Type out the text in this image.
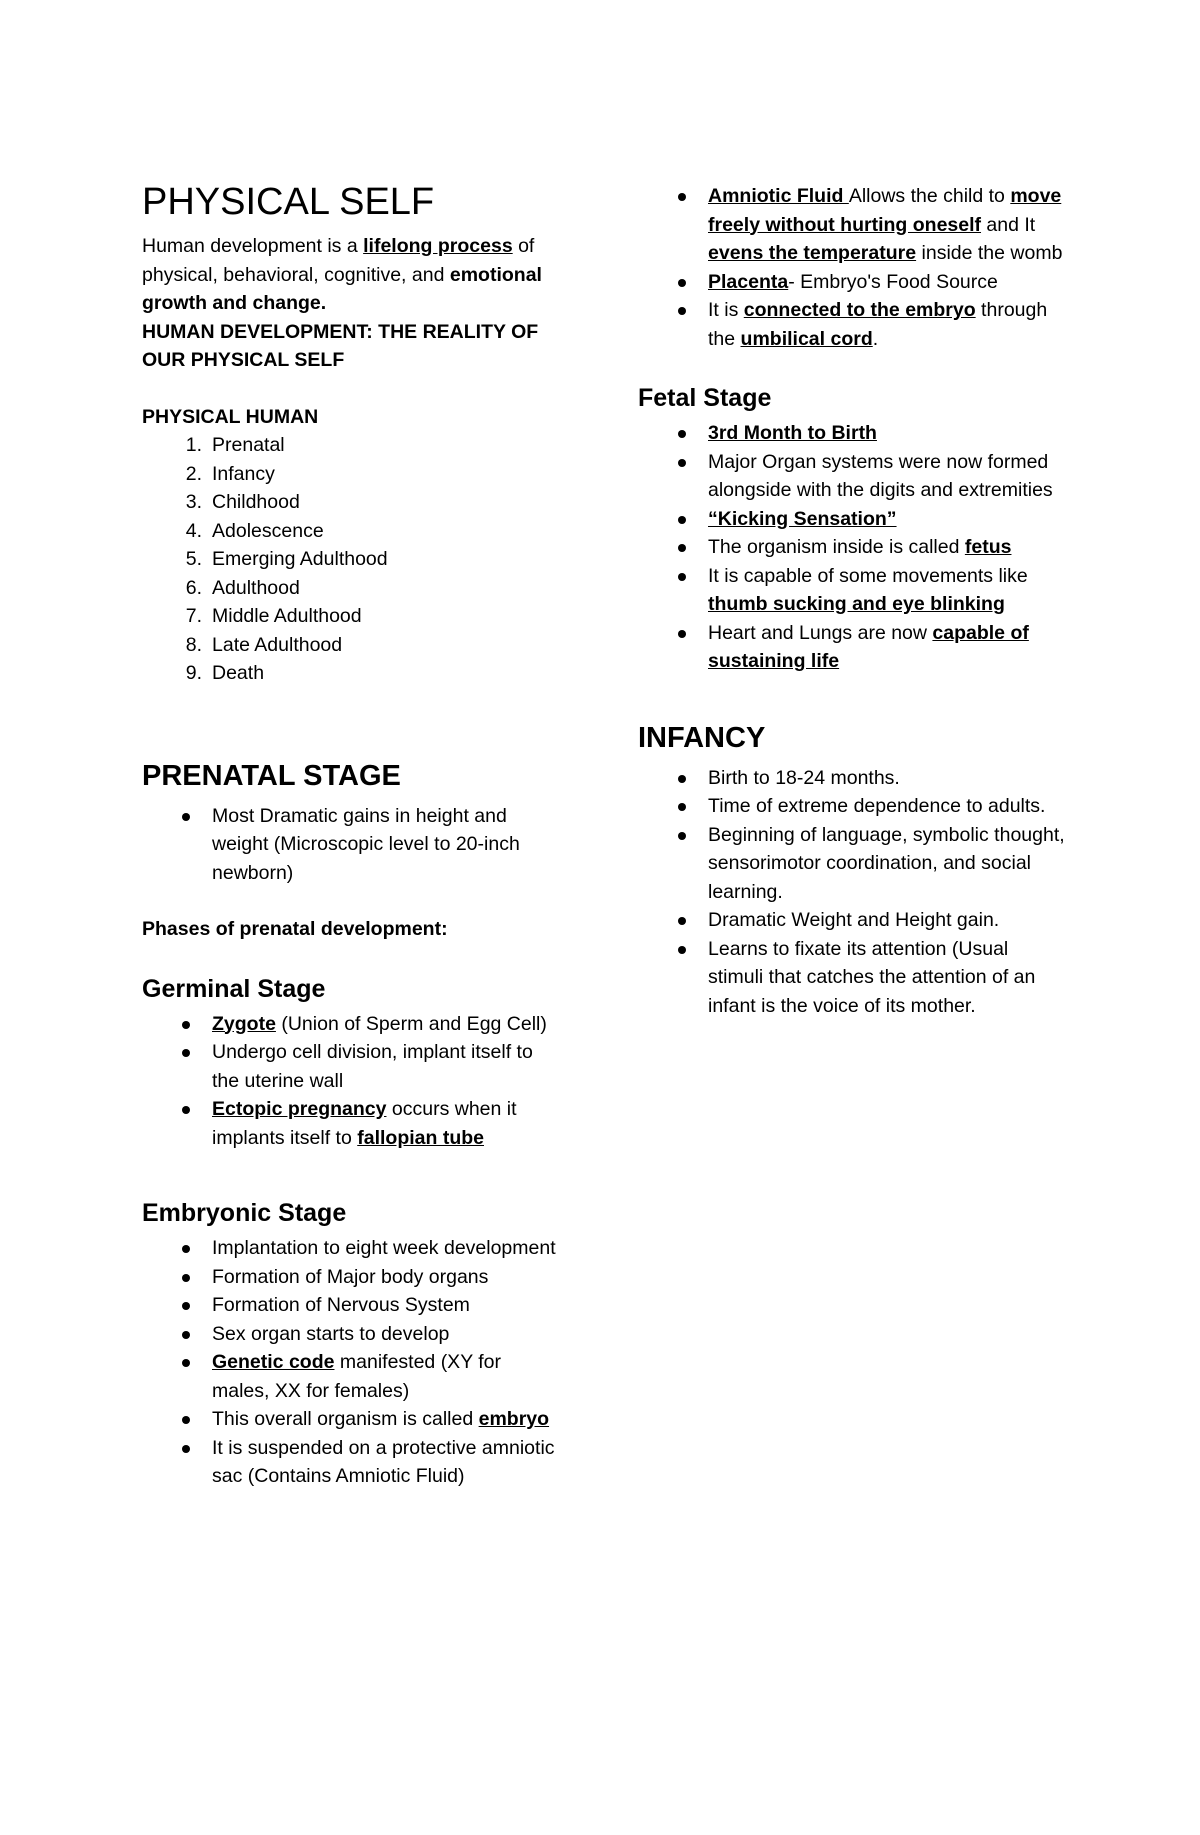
PHYSICAL SELF

Human development is a lifelong process of physical, behavioral, cognitive, and emotional growth and change.

HUMAN DEVELOPMENT: THE REALITY OF OUR PHYSICAL SELF

PHYSICAL HUMAN

1. Prenatal
2. Infancy
3. Childhood
4. Adolescence
5. Emerging Adulthood
6. Adulthood
7. Middle Adulthood
8. Late Adulthood
9. Death
PRENATAL STAGE
Most Dramatic gains in height and weight (Microscopic level to 20-inch newborn)

Phases of prenatal development:

Germinal Stage
Zygote (Union of Sperm and Egg Cell)
Undergo cell division, implant itself to the uterine wall
Ectopic pregnancy occurs when it implants itself to fallopian tube
Embryonic Stage
Implantation to eight week development
Formation of Major body organs
Formation of Nervous System
Sex organ starts to develop
Genetic code manifested (XY for males, XX for females)
This overall organism is called embryo
It is suspended on a protective amniotic sac (Contains Amniotic Fluid)
Amniotic Fluid Allows the child to move freely without hurting oneself and It evens the temperature inside the womb
Placenta- Embryo's Food Source
It is connected to the embryo through the umbilical cord.
Fetal Stage
3rd Month to Birth
Major Organ systems were now formed alongside with the digits and extremities
“Kicking Sensation”
The organism inside is called fetus
It is capable of some movements like thumb sucking and eye blinking
Heart and Lungs are now capable of sustaining life
INFANCY
Birth to 18-24 months.
Time of extreme dependence to adults.
Beginning of language, symbolic thought, sensorimotor coordination, and social learning.
Dramatic Weight and Height gain.
Learns to fixate its attention (Usual stimuli that catches the attention of an infant is the voice of its mother.
